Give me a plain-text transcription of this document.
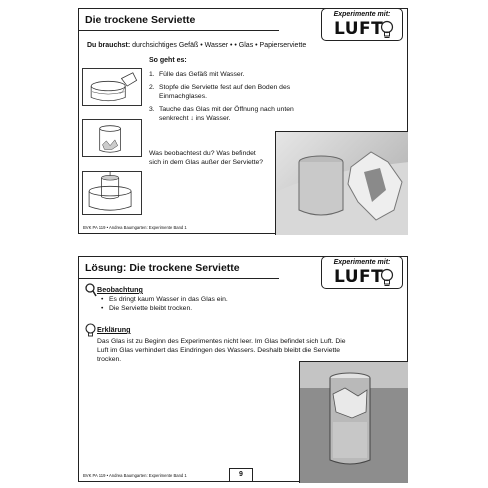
Die trockene Serviette	Experimente mit:
LUFT
Du brauchst: durchsichtiges Gefäß • Wasser • • Glas • Papierserviette
So geht es:
1. Fülle das Gefäß mit Wasser.
2. Stopfe die Serviette fest auf den Boden des Einmachglases.
3. Tauche das Glas mit der Öffnung nach unten senkrecht ↓ ins Wasser.
Was beobachtest du? Was befindet sich in dem Glas außer der Serviette?
BVK PA 119 • Andrea Baumgarten: Experimente Band 1
Lösung: Die trockene Serviette	Experimente mit:
LUFT
Beobachtung
• Es dringt kaum Wasser in das Glas ein.
• Die Serviette bleibt trocken.
Erklärung
Das Glas ist zu Beginn des Experimentes nicht leer. Im Glas befindet sich Luft. Die Luft im Glas verhindert das Eindringen des Wassers. Deshalb bleibt die Serviette trocken.
BVK PA 119 • Andrea Baumgarten: Experimente Band 1	9
